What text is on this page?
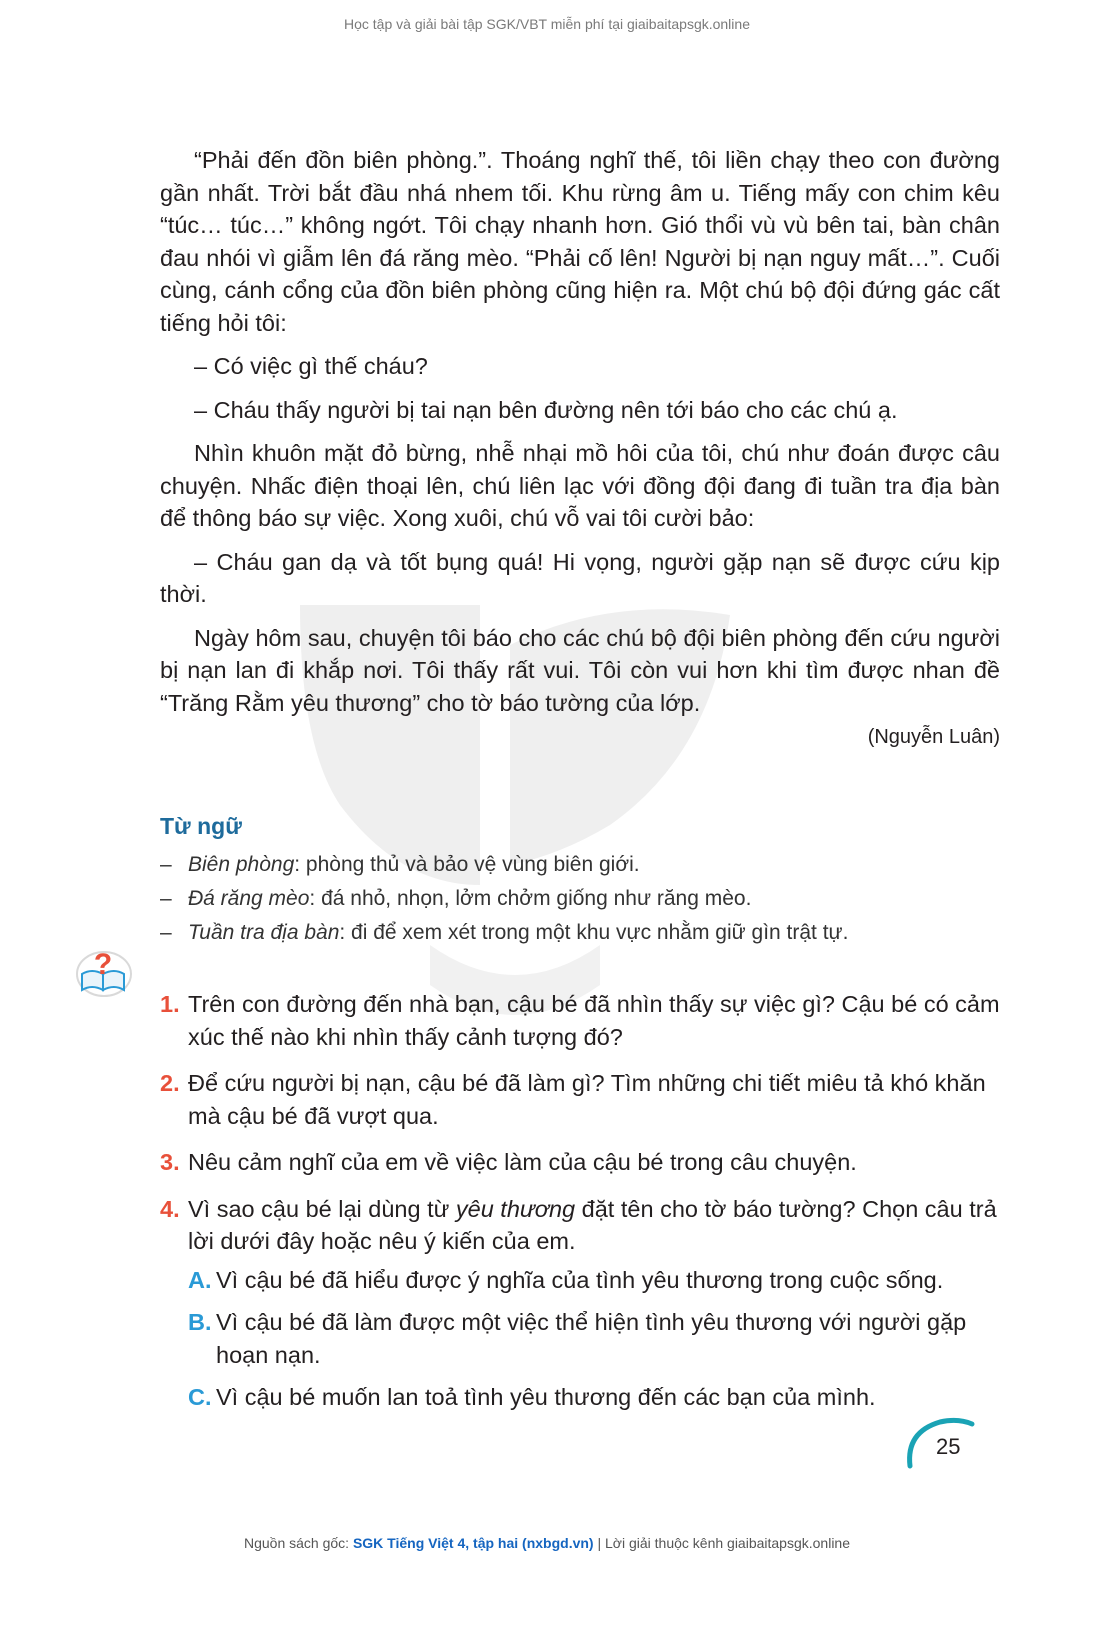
Học tập và giải bài tập SGK/VBT miễn phí tại giaibaitapsgk.online

“Phải đến đồn biên phòng.”. Thoáng nghĩ thế, tôi liền chạy theo con đường gần nhất. Trời bắt đầu nhá nhem tối. Khu rừng âm u. Tiếng mấy con chim kêu “túc… túc…” không ngớt. Tôi chạy nhanh hơn. Gió thổi vù vù bên tai, bàn chân đau nhói vì giẫm lên đá răng mèo. “Phải cố lên! Người bị nạn nguy mất…”. Cuối cùng, cánh cổng của đồn biên phòng cũng hiện ra. Một chú bộ đội đứng gác cất tiếng hỏi tôi:

– Có việc gì thế cháu?

– Cháu thấy người bị tai nạn bên đường nên tới báo cho các chú ạ.

Nhìn khuôn mặt đỏ bừng, nhễ nhại mồ hôi của tôi, chú như đoán được câu chuyện. Nhấc điện thoại lên, chú liên lạc với đồng đội đang đi tuần tra địa bàn để thông báo sự việc. Xong xuôi, chú vỗ vai tôi cười bảo:

– Cháu gan dạ và tốt bụng quá! Hi vọng, người gặp nạn sẽ được cứu kịp thời.

Ngày hôm sau, chuyện tôi báo cho các chú bộ đội biên phòng đến cứu người bị nạn lan đi khắp nơi. Tôi thấy rất vui. Tôi còn vui hơn khi tìm được nhan đề “Trăng Rằm yêu thương” cho tờ báo tường của lớp.

(Nguyễn Luân)
Từ ngữ
– Biên phòng: phòng thủ và bảo vệ vùng biên giới.
– Đá răng mèo: đá nhỏ, nhọn, lởm chởm giống như răng mèo.
– Tuần tra địa bàn: đi để xem xét trong một khu vực nhằm giữ gìn trật tự.
1. Trên con đường đến nhà bạn, cậu bé đã nhìn thấy sự việc gì? Cậu bé có cảm xúc thế nào khi nhìn thấy cảnh tượng đó?
2. Để cứu người bị nạn, cậu bé đã làm gì? Tìm những chi tiết miêu tả khó khăn mà cậu bé đã vượt qua.
3. Nêu cảm nghĩ của em về việc làm của cậu bé trong câu chuyện.
4. Vì sao cậu bé lại dùng từ yêu thương đặt tên cho tờ báo tường? Chọn câu trả lời dưới đây hoặc nêu ý kiến của em.
A. Vì cậu bé đã hiểu được ý nghĩa của tình yêu thương trong cuộc sống.
B. Vì cậu bé đã làm được một việc thể hiện tình yêu thương với người gặp hoạn nạn.
C. Vì cậu bé muốn lan toả tình yêu thương đến các bạn của mình.
?
25
Nguồn sách gốc: SGK Tiếng Việt 4, tập hai (nxbgd.vn) | Lời giải thuộc kênh giaibaitapsgk.online
